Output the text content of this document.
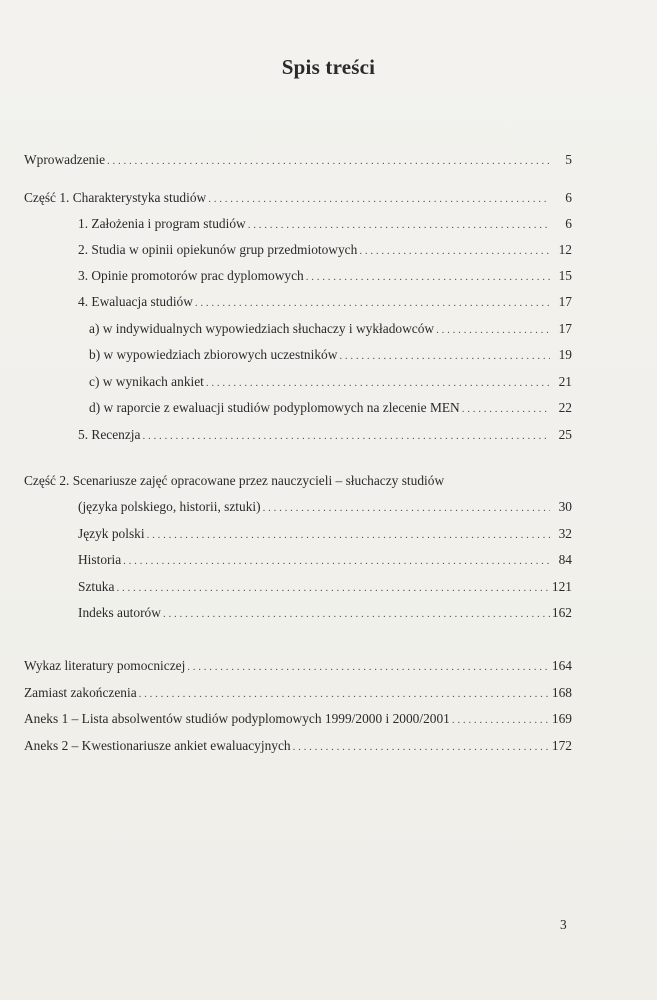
Spis treści
Wprowadzenie . . .	5
Część 1. Charakterystyka studiów . . .	6
1. Założenia i program studiów . . .	6
2. Studia w opinii opiekunów grup przedmiotowych . . .	12
3. Opinie promotorów prac dyplomowych . . .	15
4. Ewaluacja studiów . . .	17
a) w indywidualnych wypowiedziach słuchaczy i wykładowców . . .	17
b) w wypowiedziach zbiorowych uczestników . . .	19
c) w wynikach ankiet . . .	21
d) w raporcie z ewaluacji studiów podyplomowych na zlecenie MEN . . .	22
5. Recenzja . . .	25
Część 2. Scenariusze zajęć opracowane przez nauczycieli – słuchaczy studiów
(języka polskiego, historii, sztuki) . . .	30
Język polski . . .	32
Historia . . .	84
Sztuka . . .	121
Indeks autorów . . .	162
Wykaz literatury pomocniczej . . .	164
Zamiast zakończenia . . .	168
Aneks 1 – Lista absolwentów studiów podyplomowych 1999/2000 i 2000/2001 . . .	169
Aneks 2 – Kwestionariusze ankiet ewaluacyjnych . . .	172
3
